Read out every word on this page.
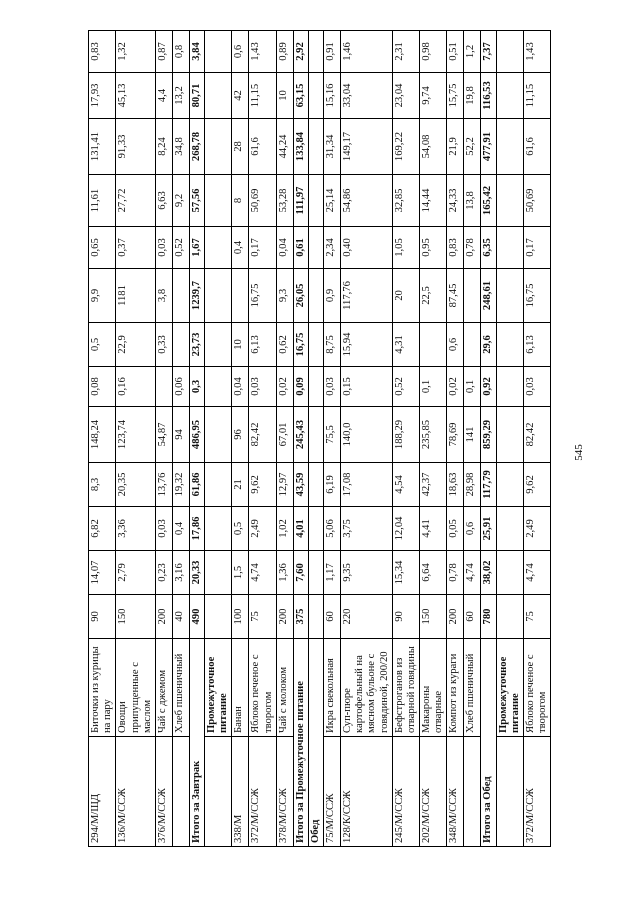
294/М/ЩД	Биточки из курицы на пару	90	14,07	6,82	8,3	148,24	0,08	0,5	9,9	0,65	11,61	131,41	17,93	0,83
136/М/ССЖ	Овощи припущенные с маслом	150	2,79	3,36	20,35	123,74	0,16	22,9	1181	0,37	27,72	91,33	45,13	1,32
376/М/ССЖ	Чай с джемом	200	0,23	0,03	13,76	54,87		0,33	3,8	0,03	6,63	8,24	4,4	0,87
	Хлеб пшеничный	40	3,16	0,4	19,32	94	0,06			0,52	9,2	34,8	13,2	0,8
Итого за Завтрак		490	20,33	17,86	61,86	486,95	0,3	23,73	1239,7	1,67	57,56	268,78	80,71	3,84
	Промежуточное питание													
338/М	Банан	100	1,5	0,5	21	96	0,04	10		0,4	8	28	42	0,6
372/М/ССЖ	Яблоко печеное с творогом	75	4,74	2,49	9,62	82,42	0,03	6,13	16,75	0,17	50,69	61,6	11,15	1,43
378/М/ССЖ	Чай с молоком	200	1,36	1,02	12,97	67,01	0,02	0,62	9,3	0,04	53,28	44,24	10	0,89
Итого за Промежуточное питание		375	7,60	4,01	43,59	245,43	0,09	16,75	26,05	0,61	111,97	133,84	63,15	2,92
Обед														
75/М/ССЖ	Икра свекольная	60	1,17	5,06	6,19	75,5	0,03	8,75	0,9	2,34	25,14	31,34	15,16	0,91
128/К/ССЖ	Суп-пюре картофельный на мясном бульоне с говядиной, 200/20	220	9,35	3,75	17,08	140,0	0,15	15,94	117,76	0,40	54,86	149,17	33,04	1,46
245/М/ССЖ	Бефстроганов из отварной говядины	90	15,34	12,04	4,54	188,29	0,52	4,31	20	1,05	32,85	169,22	23,04	2,31
202/М/ССЖ	Макароны отварные	150	6,64	4,41	42,37	235,85	0,1		22,5	0,95	14,44	54,08	9,74	0,98
348/М/ССЖ	Компот из кураги	200	0,78	0,05	18,63	78,69	0,02	0,6	87,45	0,83	24,33	21,9	15,75	0,51
	Хлеб пшеничный	60	4,74	0,6	28,98	141	0,1			0,78	13,8	52,2	19,8	1,2
Итого за Обед		780	38,02	25,91	117,79	859,29	0,92	29,6	248,61	6,35	165,42	477,91	116,53	7,37
	Промежуточное питание													
372/М/ССЖ	Яблоко печеное с творогом	75	4,74	2,49	9,62	82,42	0,03	6,13	16,75	0,17	50,69	61,6	11,15	1,43
545
